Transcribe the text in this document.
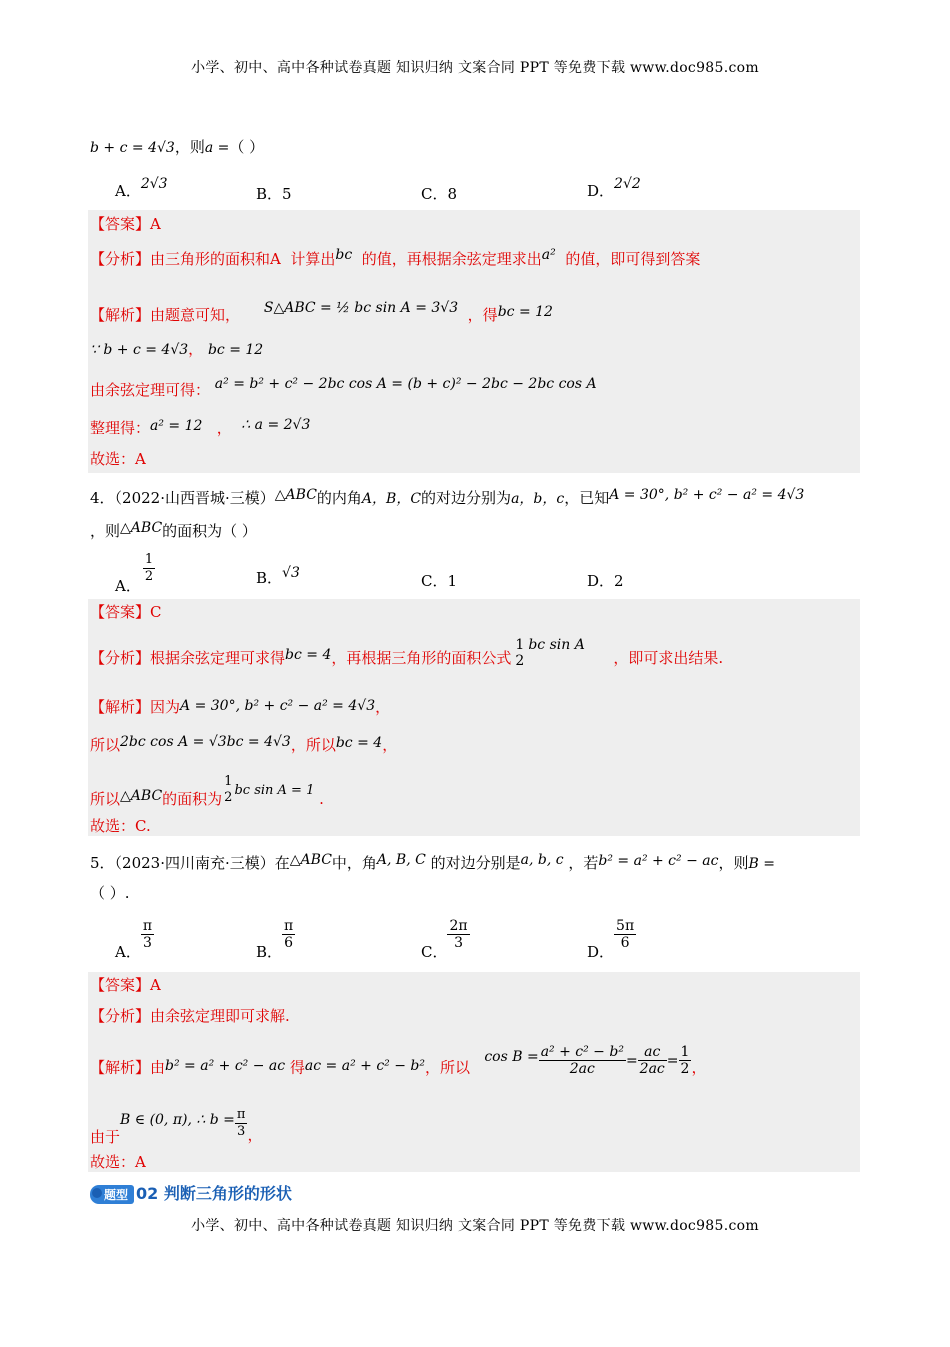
小学、初中、高中各种试卷真题 知识归纳 文案合同 PPT 等免费下载 www.doc985.com
b + c = 4√3，则a =（ ）
A．2√3
B．5	C．8	D．2√2
【答案】A
【分析】由三角形的面积和A 计算出bc 的值，再根据余弦定理求出a² 的值，即可得到答案
【解析】由题意可知， S△ABC = ½ bc sin A = 3√3 ，得bc = 12
∵ b + c = 4√3， bc = 12
由余弦定理可得： a² = b² + c² − 2bc cos A = (b + c)² − 2bc − 2bc cos A
整理得：a² = 12 ， ∴ a = 2√3
故选：A
4．（2022·山西晋城·三模）△ABC的内角A，B，C的对边分别为a，b，c，已知A = 30°, b² + c² − a² = 4√3
，则△ABC的面积为（ ）
A．
$\frac{1}{2}$	B．√3	C．1	D．2
【答案】C
【分析】根据余弦定理可求得bc = 4，再根据三角形的面积公式
1
2
bc sin A      ，即可求出结果.
【解析】因为A = 30°, b² + c² − a² = 4√3，
所以2bc cos A = √3bc = 4√3，所以bc = 4，
所以△ABC的面积为
1
2 bc sin A = 1 .
故选：C.
5．（2023·四川南充·三模）在△ABC中，角A, B, C 的对边分别是a, b, c ，若b² = a² + c² − ac，则B =
（ ）.
A．
$\frac{\pi}{3}$
B．
$\frac{\pi}{6}$
C．
$\frac{2\pi}{3}$
D．
$\frac{5\pi}{6}$
【答案】A
【分析】由余弦定理即可求解.
【解析】由b² = a² + c² − ac 得ac = a² + c² − b²，所以   $\cos B = \frac{\text{a² + c² − b²}}{2ac} = \frac{ac}{2ac} = \frac{1}{2}$ ，
由于B ∈ (0, π), ∴ $b = \frac{\pi}{3}$ ，
故选：A
题型 02 判断三角形的形状
小学、初中、高中各种试卷真题 知识归纳 文案合同 PPT 等免费下载 www.doc985.com
